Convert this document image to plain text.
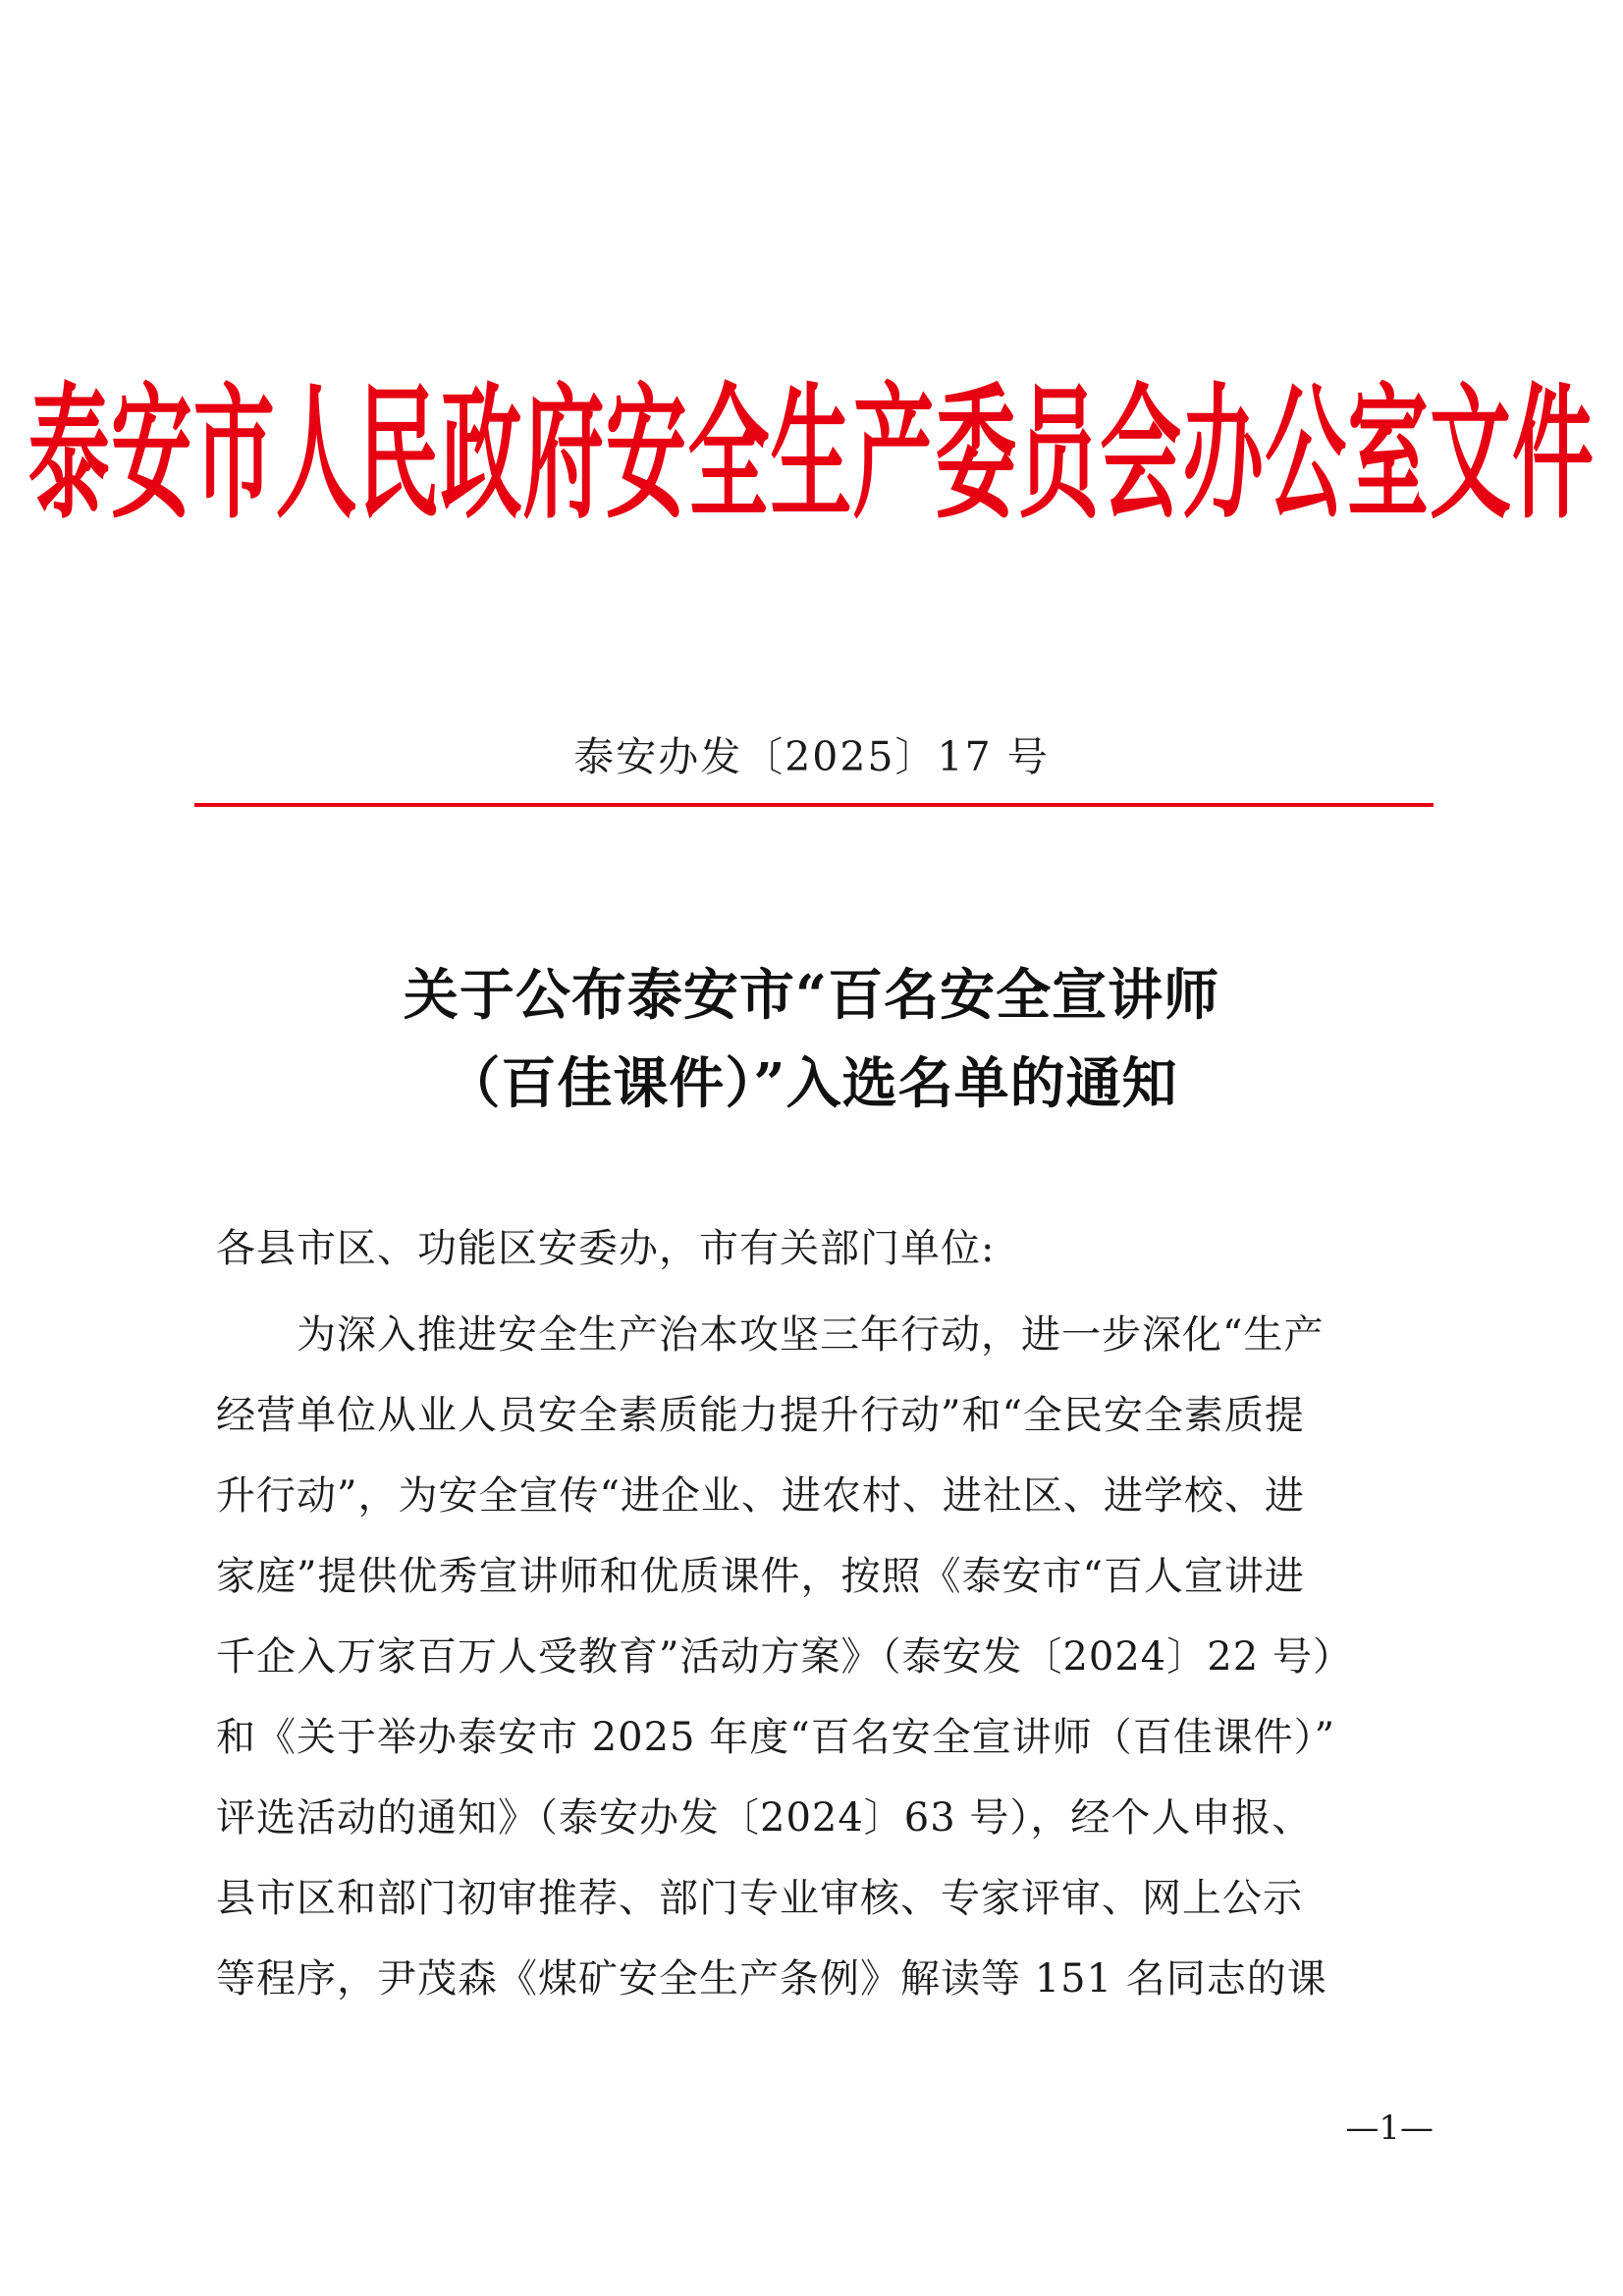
泰安市人民政府安全生产委员会办公室文件
泰安办发〔2025〕17 号
关于公布泰安市“百名安全宣讲师
（百佳课件）”入选名单的通知
各县市区、功能区安委办，市有关部门单位:
　　为深入推进安全生产治本攻坚三年行动，进一步深化“生产
经营单位从业人员安全素质能力提升行动”和“全民安全素质提
升行动”，为安全宣传“进企业、进农村、进社区、进学校、进
家庭”提供优秀宣讲师和优质课件，按照《泰安市“百人宣讲进
千企入万家百万人受教育”活动方案》（泰安发〔2024〕22 号）
和《关于举办泰安市 2025 年度“百名安全宣讲师（百佳课件）”
评选活动的通知》（泰安办发〔2024〕63 号），经个人申报、
县市区和部门初审推荐、部门专业审核、专家评审、网上公示
等程序，尹茂森《煤矿安全生产条例》解读等 151 名同志的课
—1—
